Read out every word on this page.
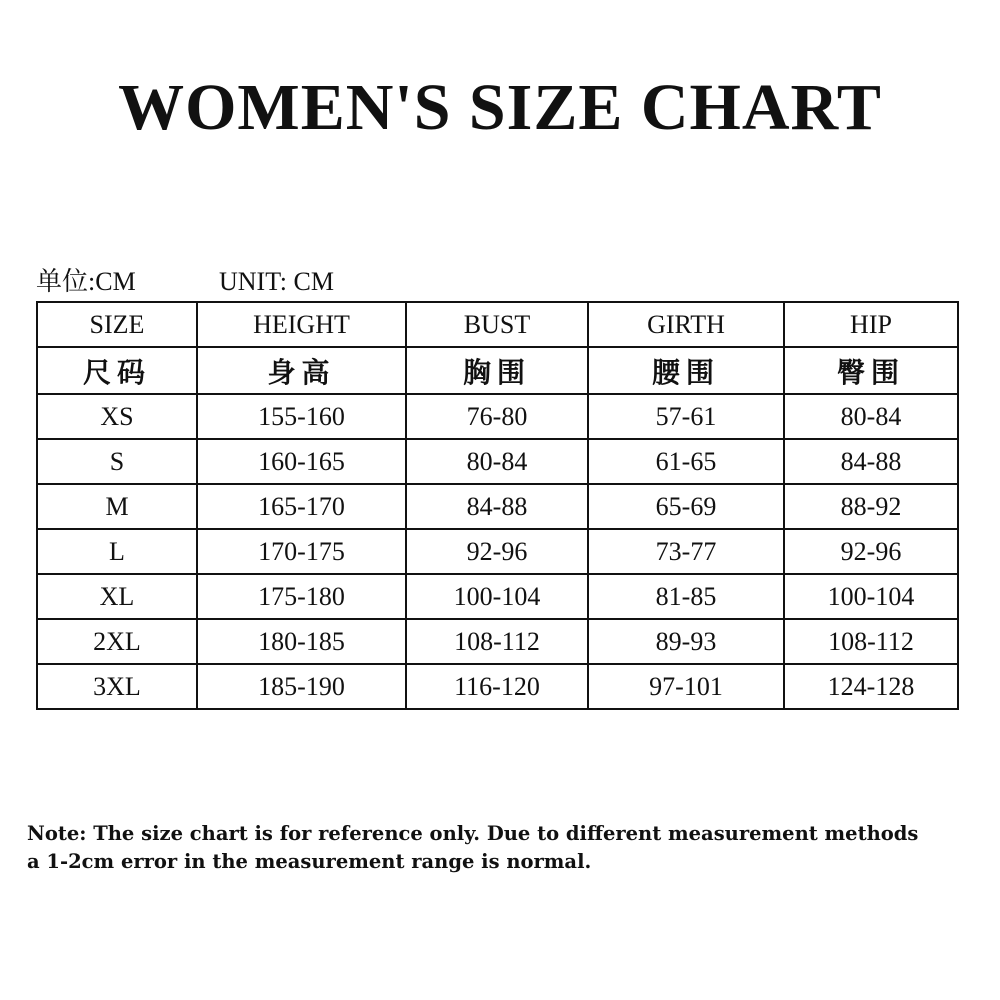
WOMEN'S SIZE CHART
单位:CM	UNIT: CM
SIZE	HEIGHT	BUST	GIRTH	HIP
尺码	身高	胸围	腰围	臀围
XS	155-160	76-80	57-61	80-84
S	160-165	80-84	61-65	84-88
M	165-170	84-88	65-69	88-92
L	170-175	92-96	73-77	92-96
XL	175-180	100-104	81-85	100-104
2XL	180-185	108-112	89-93	108-112
3XL	185-190	116-120	97-101	124-128
Note: The size chart is for reference only. Due to different measurement methods
a 1-2cm error in the measurement range is normal.
